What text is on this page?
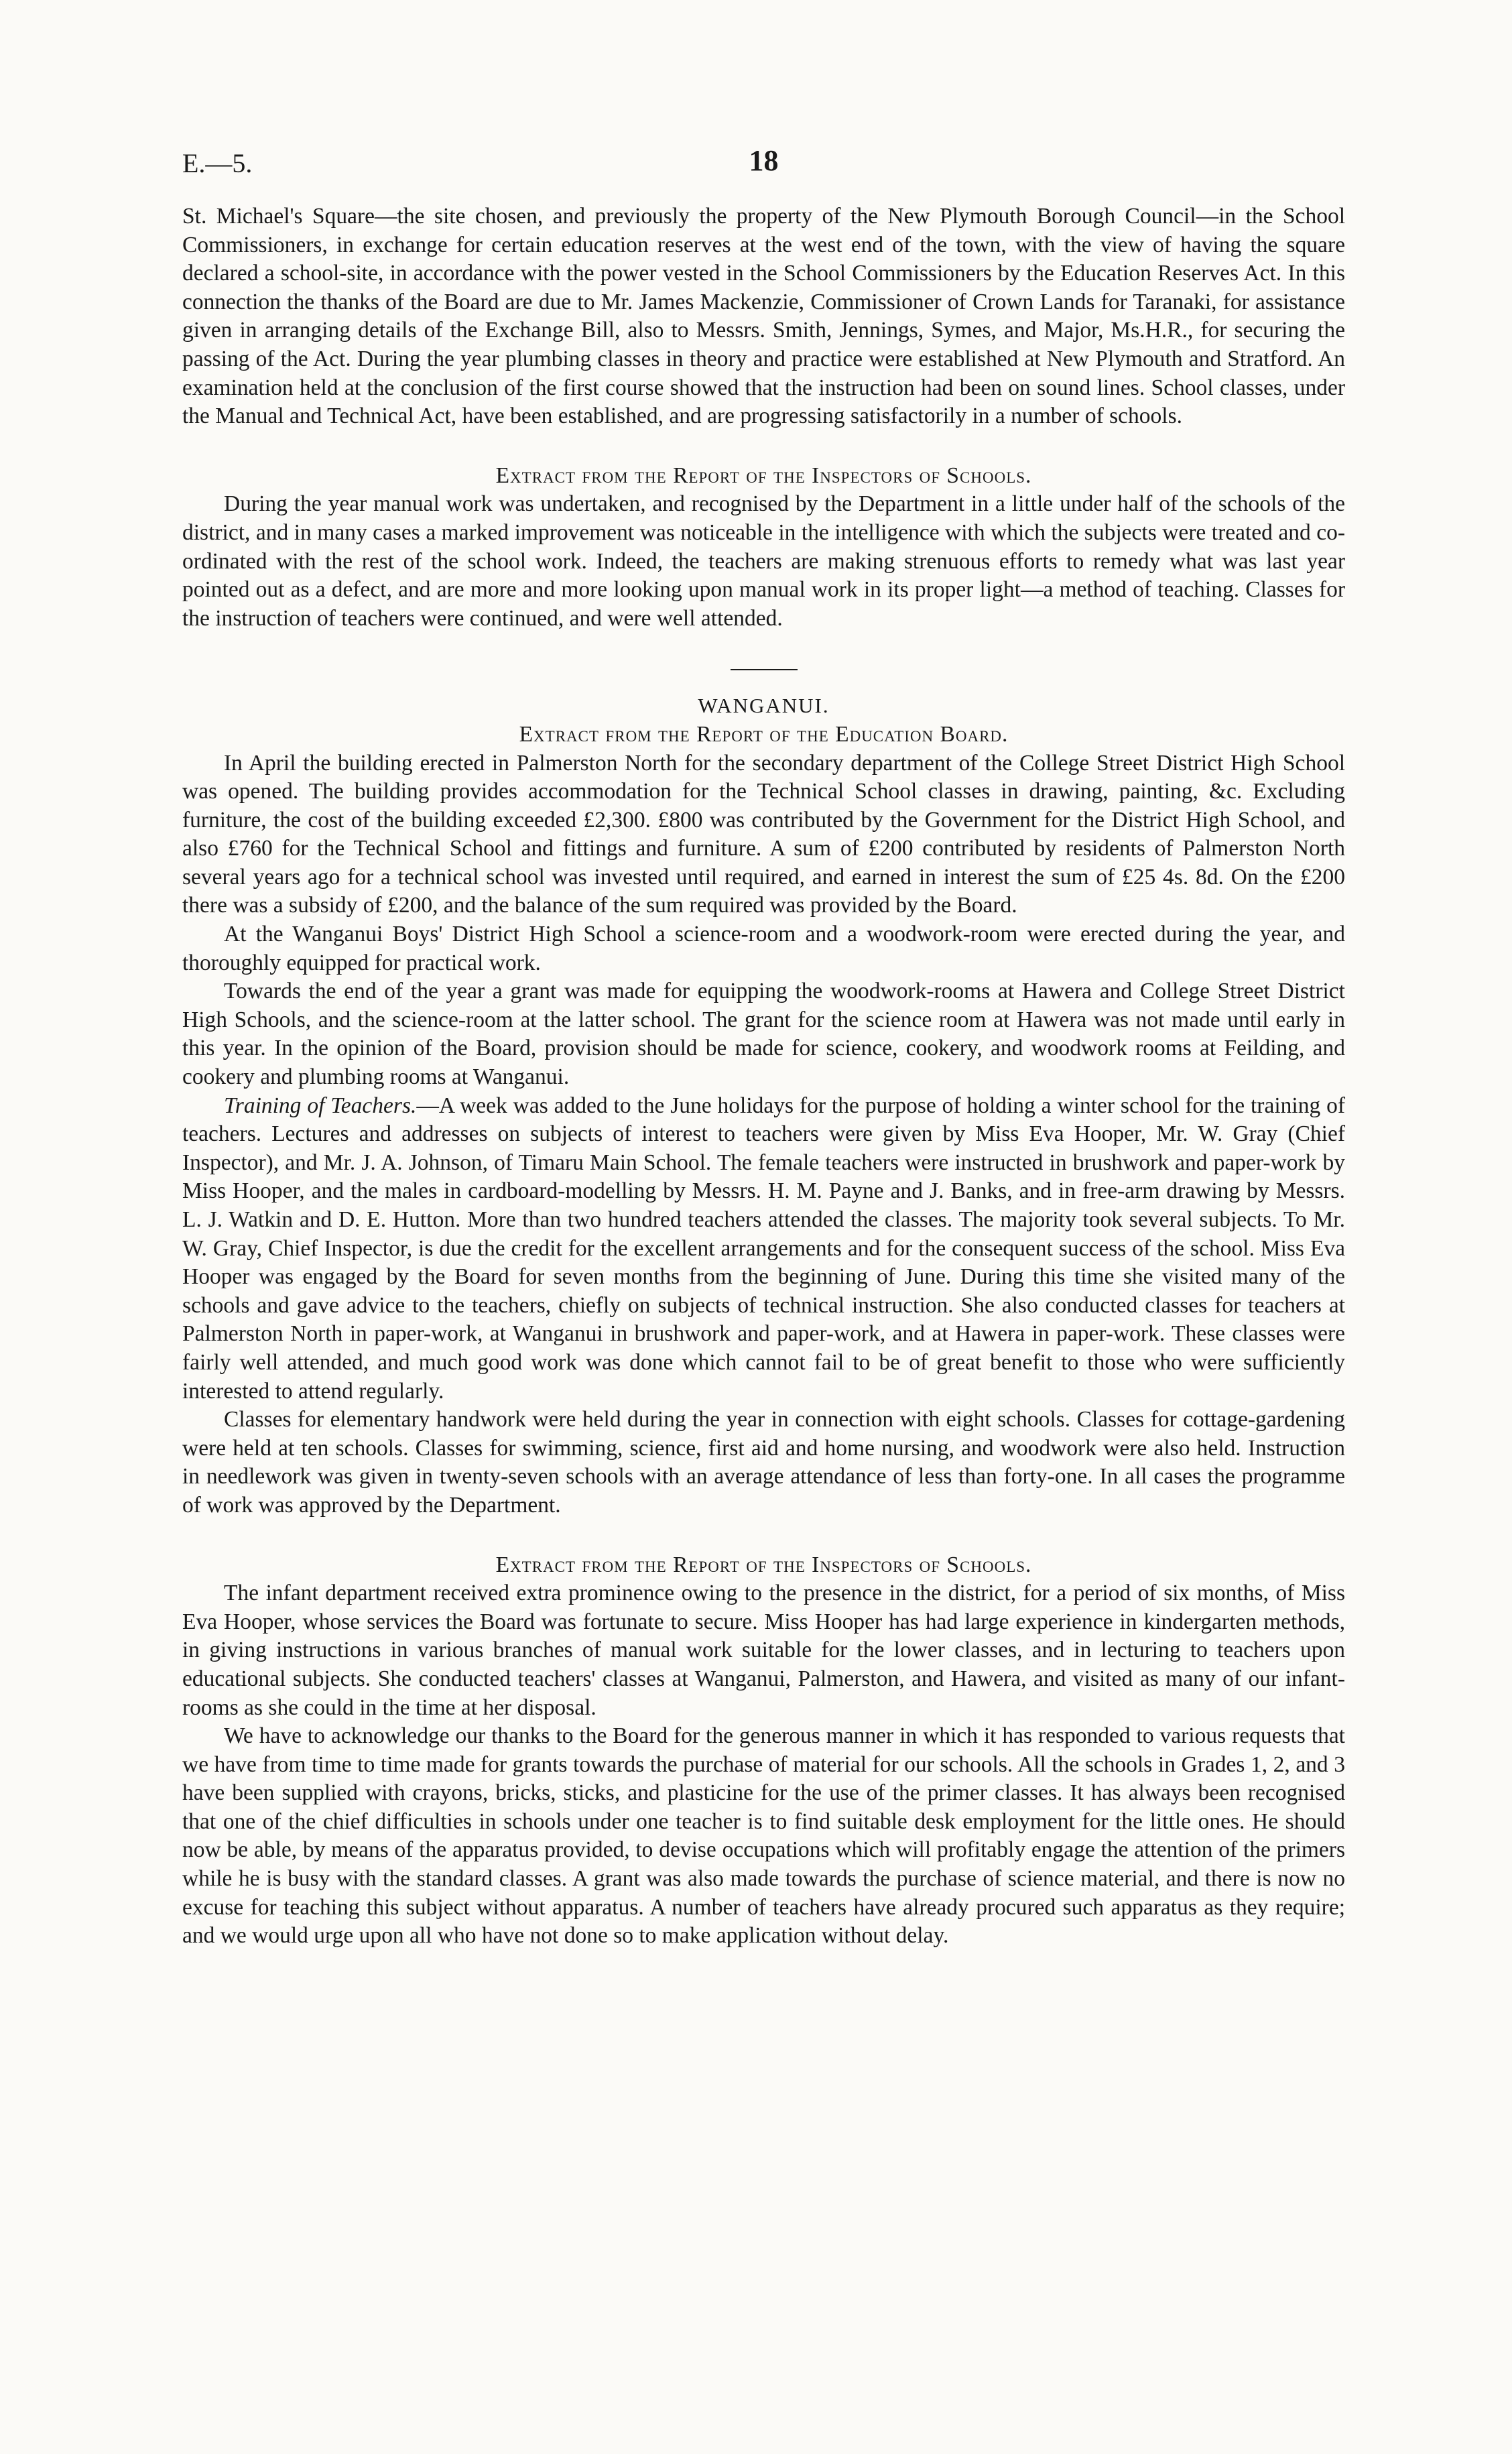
E.—5.	18

St. Michael's Square—the site chosen, and previously the property of the New Plymouth Borough Council—in the School Commissioners, in exchange for certain education reserves at the west end of the town, with the view of having the square declared a school-site, in accordance with the power vested in the School Commissioners by the Education Reserves Act. In this connection the thanks of the Board are due to Mr. James Mackenzie, Commissioner of Crown Lands for Taranaki, for assistance given in arranging details of the Exchange Bill, also to Messrs. Smith, Jennings, Symes, and Major, Ms.H.R., for securing the passing of the Act. During the year plumbing classes in theory and practice were established at New Plymouth and Stratford. An examination held at the conclusion of the first course showed that the instruction had been on sound lines. School classes, under the Manual and Technical Act, have been established, and are progressing satisfactorily in a number of schools.

Extract from the Report of the Inspectors of Schools.

During the year manual work was undertaken, and recognised by the Department in a little under half of the schools of the district, and in many cases a marked improvement was noticeable in the intelligence with which the subjects were treated and co-ordinated with the rest of the school work. Indeed, the teachers are making strenuous efforts to remedy what was last year pointed out as a defect, and are more and more looking upon manual work in its proper light—a method of teaching. Classes for the instruction of teachers were continued, and were well attended.

WANGANUI.

Extract from the Report of the Education Board.

In April the building erected in Palmerston North for the secondary department of the College Street District High School was opened. The building provides accommodation for the Technical School classes in drawing, painting, &c. Excluding furniture, the cost of the building exceeded £2,300. £800 was contributed by the Government for the District High School, and also £760 for the Technical School and fittings and furniture. A sum of £200 contributed by residents of Palmerston North several years ago for a technical school was invested until required, and earned in interest the sum of £25 4s. 8d. On the £200 there was a subsidy of £200, and the balance of the sum required was provided by the Board.

At the Wanganui Boys' District High School a science-room and a woodwork-room were erected during the year, and thoroughly equipped for practical work.

Towards the end of the year a grant was made for equipping the woodwork-rooms at Hawera and College Street District High Schools, and the science-room at the latter school. The grant for the science room at Hawera was not made until early in this year. In the opinion of the Board, provision should be made for science, cookery, and woodwork rooms at Feilding, and cookery and plumbing rooms at Wanganui.

Training of Teachers.—A week was added to the June holidays for the purpose of holding a winter school for the training of teachers. Lectures and addresses on subjects of interest to teachers were given by Miss Eva Hooper, Mr. W. Gray (Chief Inspector), and Mr. J. A. Johnson, of Timaru Main School. The female teachers were instructed in brushwork and paper-work by Miss Hooper, and the males in cardboard-modelling by Messrs. H. M. Payne and J. Banks, and in free-arm drawing by Messrs. L. J. Watkin and D. E. Hutton. More than two hundred teachers attended the classes. The majority took several subjects. To Mr. W. Gray, Chief Inspector, is due the credit for the excellent arrangements and for the consequent success of the school. Miss Eva Hooper was engaged by the Board for seven months from the beginning of June. During this time she visited many of the schools and gave advice to the teachers, chiefly on subjects of technical instruction. She also conducted classes for teachers at Palmerston North in paper-work, at Wanganui in brushwork and paper-work, and at Hawera in paper-work. These classes were fairly well attended, and much good work was done which cannot fail to be of great benefit to those who were sufficiently interested to attend regularly.

Classes for elementary handwork were held during the year in connection with eight schools. Classes for cottage-gardening were held at ten schools. Classes for swimming, science, first aid and home nursing, and woodwork were also held. Instruction in needlework was given in twenty-seven schools with an average attendance of less than forty-one. In all cases the programme of work was approved by the Department.

Extract from the Report of the Inspectors of Schools.

The infant department received extra prominence owing to the presence in the district, for a period of six months, of Miss Eva Hooper, whose services the Board was fortunate to secure. Miss Hooper has had large experience in kindergarten methods, in giving instructions in various branches of manual work suitable for the lower classes, and in lecturing to teachers upon educational subjects. She conducted teachers' classes at Wanganui, Palmerston, and Hawera, and visited as many of our infant-rooms as she could in the time at her disposal.

We have to acknowledge our thanks to the Board for the generous manner in which it has responded to various requests that we have from time to time made for grants towards the purchase of material for our schools. All the schools in Grades 1, 2, and 3 have been supplied with crayons, bricks, sticks, and plasticine for the use of the primer classes. It has always been recognised that one of the chief difficulties in schools under one teacher is to find suitable desk employment for the little ones. He should now be able, by means of the apparatus provided, to devise occupations which will profitably engage the attention of the primers while he is busy with the standard classes. A grant was also made towards the purchase of science material, and there is now no excuse for teaching this subject without apparatus. A number of teachers have already procured such apparatus as they require; and we would urge upon all who have not done so to make application without delay.
